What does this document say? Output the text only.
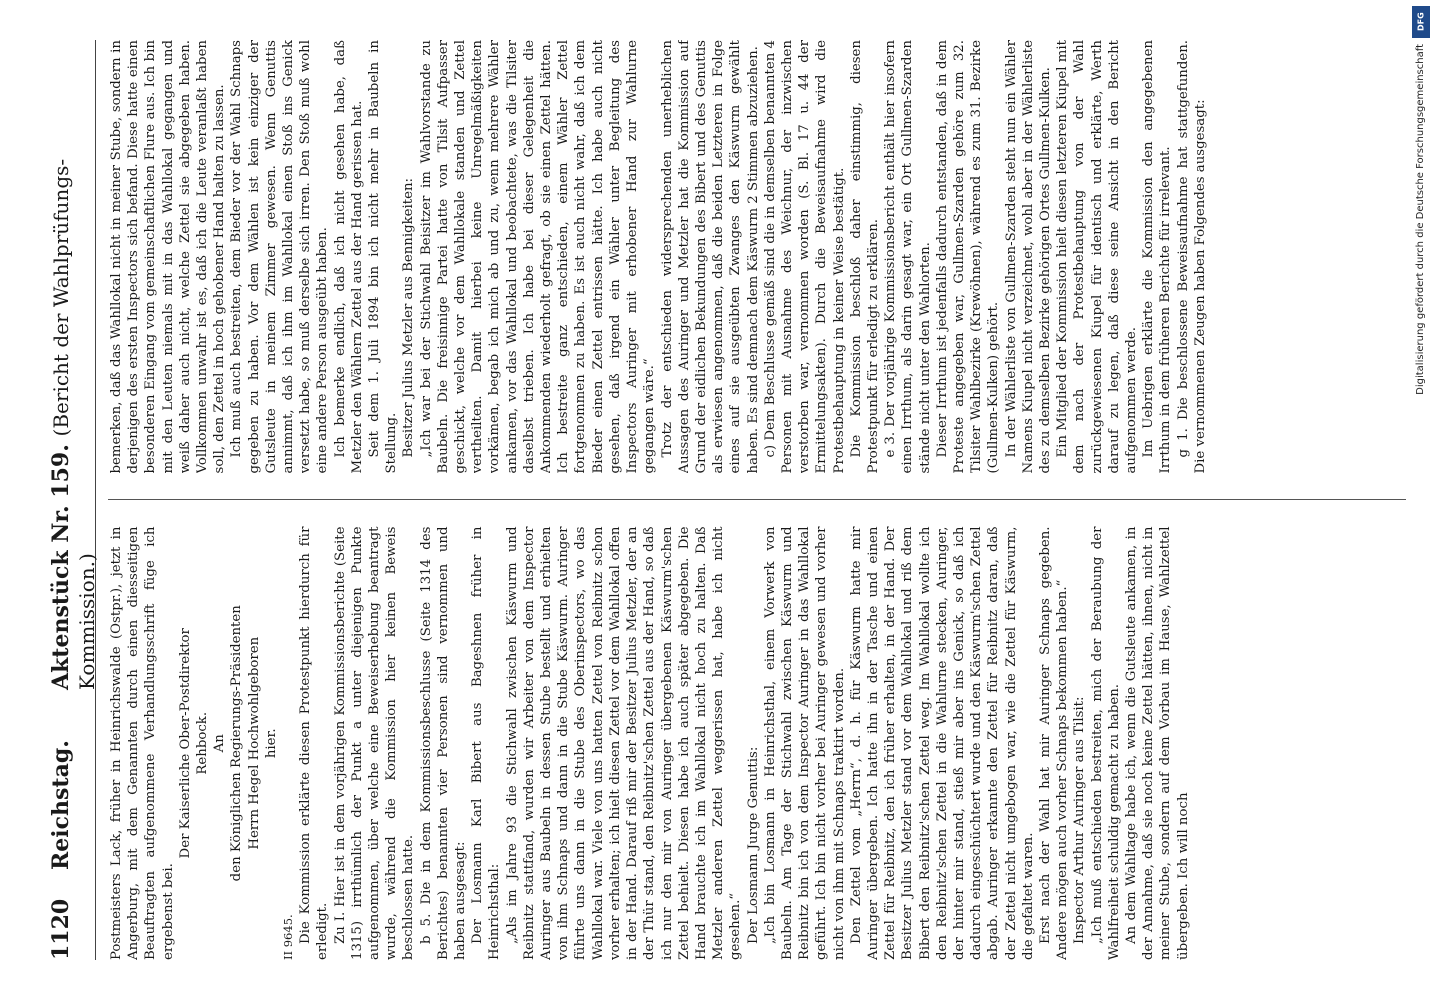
1120
Reichstag.
Aktenstück Nr. 159. (Bericht der Wahlprüfungs-Kommission.) Postmeisters Lack, früher in Heinrichswalde (Ostpr.), jetzt in Angerburg, mit dem Genannten durch einen diesseitigen Beauftragten aufgenommene Verhandlungsschrift füge ich ergebenst bei.

Der Kaiserliche Ober-Postdirektor Rehbock. An den Königlichen Regierungs-Präsidenten Herrn Hegel Hochwohlgeboren hier.

II 9645. Die Kommission erklärte diesen Protestpunkt hierdurch für erledigt. Zu I. Hier ist in dem vorjährigen Kommissionsberichte (Seite 1315) irrthümlich der Punkt a unter diejenigen Punkte aufgenommen, über welche eine Beweiserhebung beantragt wurde, während die Kommission hier keinen Beweis beschlossen hatte. b 5. Die in dem Kommissionsbeschlusse (Seite 1314 des Berichtes) benannten vier Personen sind vernommen und haben ausgesagt: Der Losmann Karl Bibert aus Bageshnen früher in Heinrichsthal: „Als im Jahre 93 die Stichwahl zwischen Käswurm und Reibnitz stattfand, wurden wir Arbeiter von dem Inspector Auringer aus Baubeln in dessen Stube bestellt und erhielten von ihm Schnaps und dann in die Stube Käswurm. Auringer führte uns dann in die Stube des Oberinspectors, wo das Wahllokal war. Viele von uns hatten Zettel von Reibnitz schon vorher erhalten; ich hielt diesen Zettel vor dem Wahllokal offen in der Hand. Darauf riß mir der Besitzer Julius Metzler, der an der Thür stand, den Reibnitz'schen Zettel aus der Hand, so daß ich nur den mir von Auringer übergebenen Käswurm'schen Zettel behielt. Diesen habe ich auch später abgegeben. Die Hand brauchte ich im Wahllokal nicht hoch zu halten. Daß Metzler anderen Zettel weggerissen hat, habe ich nicht gesehen.“ Der Losmann Jurge Genuttis: „Ich bin Losmann in Heinrichsthal, einem Vorwerk von Baubeln. Am Tage der Stichwahl zwischen Käswurm und Reibnitz bin ich von dem Inspector Auringer in das Wahllokal geführt. Ich bin nicht vorher bei Auringer gewesen und vorher nicht von ihm mit Schnaps traktirt worden. Den Zettel vom „Herrn“, d. h. für Käswurm hatte mir Auringer übergeben. Ich hatte ihn in der Tasche und einen Zettel für Reibnitz, den ich früher erhalten, in der Hand. Der Besitzer Julius Metzler stand vor dem Wahllokal und riß dem Bibert den Reibnitz'schen Zettel weg. Im Wahllokal wollte ich den Reibnitz'schen Zettel in die Wahlurne stecken, Auringer, der hinter mir stand, stieß mir aber ins Genick, so daß ich dadurch eingeschüchtert wurde und den Käswurm'schen Zettel abgab. Auringer erkannte den Zettel für Reibnitz daran, daß der Zettel nicht umgebogen war, wie die Zettel für Käswurm, die gefaltet waren. Erst nach der Wahl hat mir Auringer Schnaps gegeben. Andere mögen auch vorher Schnaps bekommen haben.“ Inspector Arthur Auringer aus Tilsit: „Ich muß entschieden bestreiten, mich der Beraubung der Wahlfreiheit schuldig gemacht zu haben. An dem Wahltage habe ich, wenn die Gutsleute ankamen, in der Annahme, daß sie noch keine Zettel hätten, ihnen, nicht in meiner Stube, sondern auf dem Vorbau im Hause, Wahlzettel übergeben. Ich will noch

bemerken, daß das Wahllokal nicht in meiner Stube, sondern in derjenigen des ersten Inspectors sich befand. Diese hatte einen besonderen Eingang vom gemeinschaftlichen Flure aus. Ich bin mit den Leuten niemals mit in das Wahllokal gegangen und weiß daher auch nicht, welche Zettel sie abgegeben haben. Vollkommen unwahr ist es, daß ich die Leute veranlaßt haben soll, den Zettel in hoch gehobener Hand halten zu lassen. Ich muß auch bestreiten, dem Bieder vor der Wahl Schnaps gegeben zu haben. Vor dem Wählen ist kein einziger der Gutsleute in meinem Zimmer gewesen. Wenn Genuttis annimmt, daß ich ihm im Wahllokal einen Stoß ins Genick versetzt habe, so muß derselbe sich irren. Den Stoß muß wohl eine andere Person ausgeübt haben. Ich bemerke endlich, daß ich nicht gesehen habe, daß Metzler den Wählern Zettel aus der Hand gerissen hat. Seit dem 1. Juli 1894 bin ich nicht mehr in Baubeln in Stellung. Besitzer Julius Metzler aus Bennigkeiten: „Ich war bei der Stichwahl Beisitzer im Wahlvorstande zu Baubeln. Die freisinnige Partei hatte von Tilsit Aufpasser geschickt, welche vor dem Wahllokale standen und Zettel vertheilten. Damit hierbei keine Unregelmäßigkeiten vorkämen, begab ich mich ab und zu, wenn mehrere Wähler ankamen, vor das Wahllokal und beobachtete, was die Tilsiter daselbst trieben. Ich habe bei dieser Gelegenheit die Ankommenden wiederholt gefragt, ob sie einen Zettel hätten. Ich bestreite ganz entschieden, einem Wähler Zettel fortgenommen zu haben. Es ist auch nicht wahr, daß ich dem Bieder einen Zettel entrissen hätte. Ich habe auch nicht gesehen, daß irgend ein Wähler unter Begleitung des Inspectors Auringer mit erhobener Hand zur Wahlurne gegangen wäre.“ Trotz der entschieden widersprechenden unerheblichen Aussagen des Auringer und Metzler hat die Kommission auf Grund der eidlichen Bekundungen des Bibert und des Genuttis als erwiesen angenommen, daß die beiden Letzteren in Folge eines auf sie ausgeübten Zwanges den Käswurm gewählt haben. Es sind demnach dem Käswurm 2 Stimmen abzuziehen. c) Dem Beschlusse gemäß sind die in demselben benannten 4 Personen mit Ausnahme des Weichnur, der inzwischen verstorben war, vernommen worden (S. Bl. 17 u. 44 der Ermittelungsakten). Durch die Beweisaufnahme wird die Protestbehauptung in keiner Weise bestätigt. Die Kommission beschloß daher einstimmig, diesen Protestpunkt für erledigt zu erklären. e 3. Der vorjährige Kommissionsbericht enthält hier insofern einen Irrthum, als darin gesagt war, ein Ort Gullmen-Szarden stände nicht unter den Wahlorten. Dieser Irrthum ist jedenfalls dadurch entstanden, daß in dem Proteste angegeben war, Gullmen-Szarden gehöre zum 32. Tilsiter Wahlbezirke (Krewöhnen), während es zum 31. Bezirke (Gullmen-Kulken) gehört. In der Wählerliste von Gullmen-Szarden steht nun ein Wähler Namens Kiupel nicht verzeichnet, wohl aber in der Wählerliste des zu demselben Bezirke gehörigen Ortes Gullmen-Kulken. Ein Mitglied der Kommission hielt diesen letzteren Kiupel mit dem nach der Protestbehauptung von der Wahl zurückgewiesenen Kiupel für identisch und erklärte, Werth darauf zu legen, daß diese seine Ansicht in den Bericht aufgenommen werde. Im Uebrigen erklärte die Kommission den angegebenen Irrthum in dem früheren Berichte für irrelevant. g 1. Die beschlossene Beweisaufnahme hat stattgefunden. Die vernommenen Zeugen haben Folgendes ausgesagt:

DFG
Digitalisierung gefördert durch die Deutsche Forschungsgemeinschaft
